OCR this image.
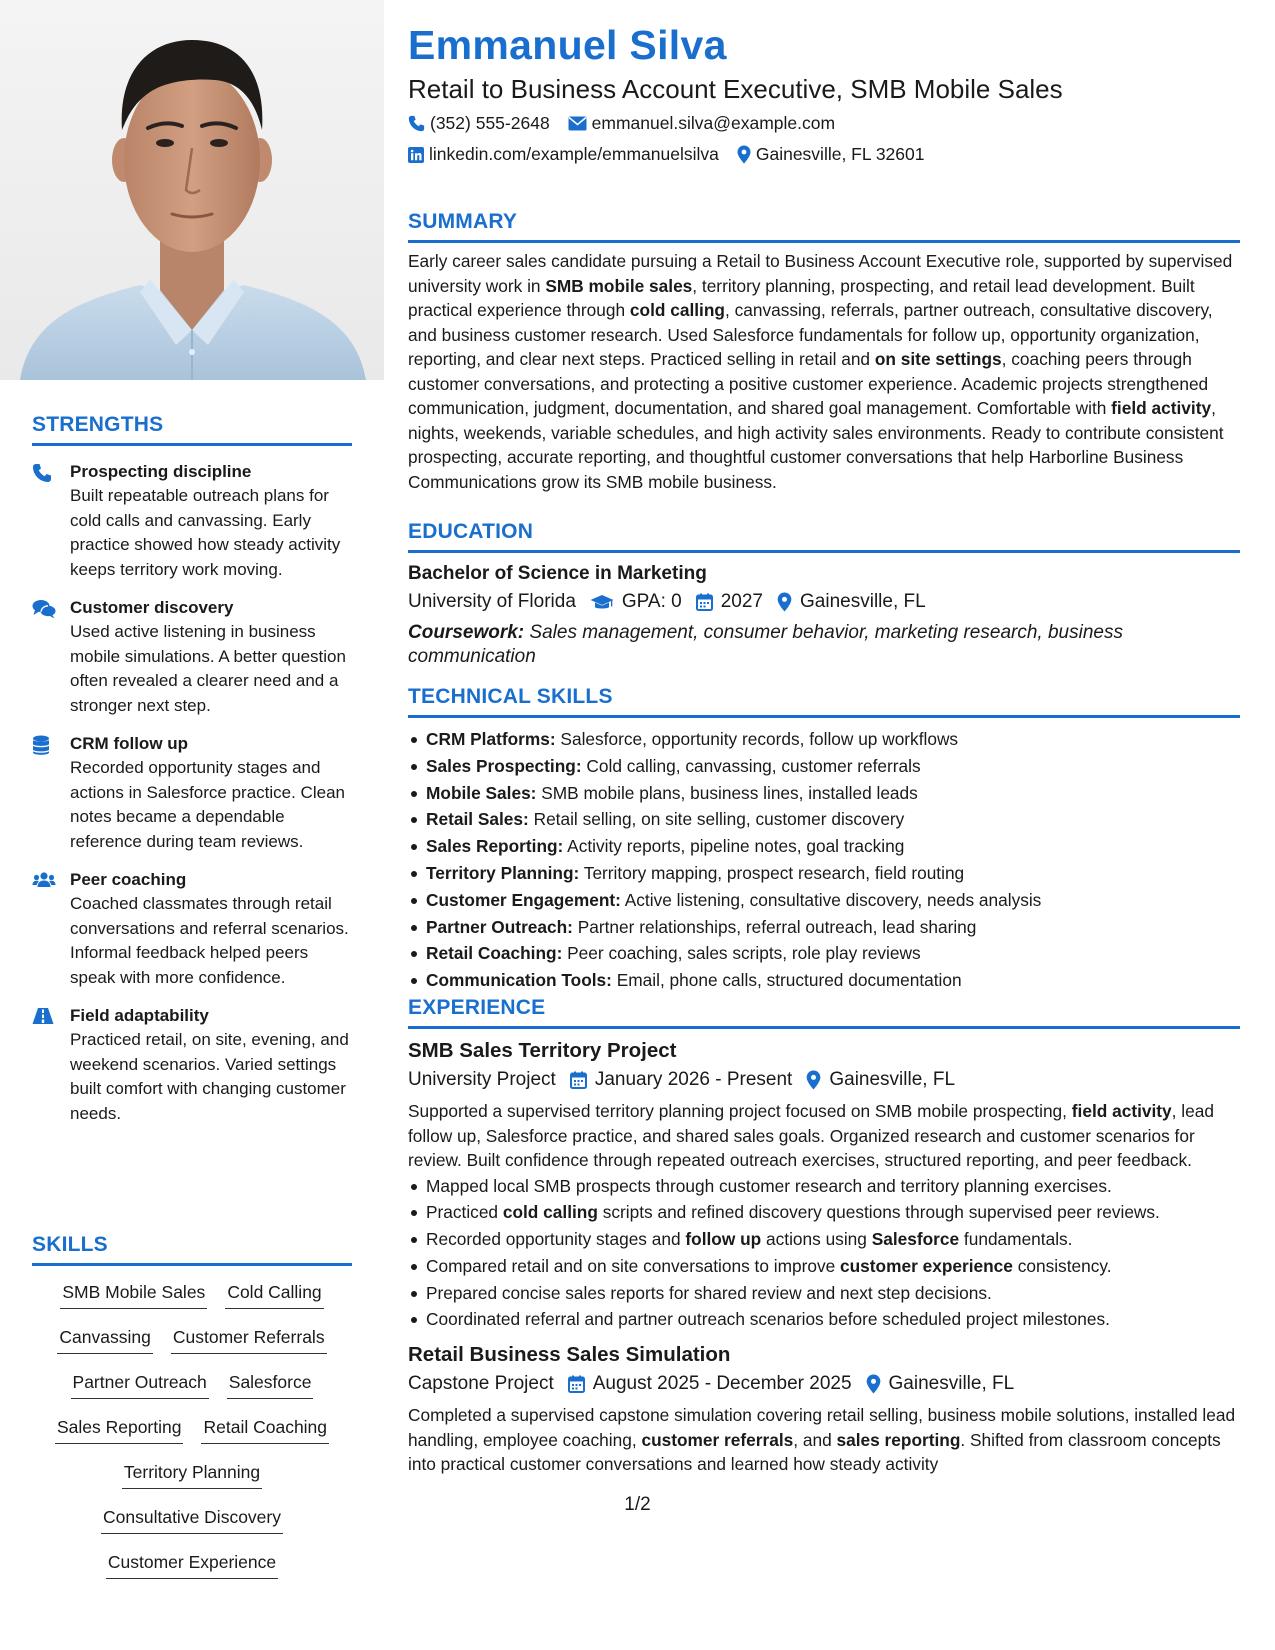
STRENGTHS
Prospecting discipline
Built repeatable outreach plans for cold calls and canvassing. Early practice showed how steady activity keeps territory work moving.
Customer discovery
Used active listening in business mobile simulations. A better question often revealed a clearer need and a stronger next step.
CRM follow up
Recorded opportunity stages and actions in Salesforce practice. Clean notes became a dependable reference during team reviews.
Peer coaching
Coached classmates through retail conversations and referral scenarios. Informal feedback helped peers speak with more confidence.
Field adaptability
Practiced retail, on site, evening, and weekend scenarios. Varied settings built comfort with changing customer needs.
SKILLS
SMB Mobile Sales Cold Calling
Canvassing Customer Referrals
Partner Outreach Salesforce
Sales Reporting Retail Coaching
Territory Planning
Consultative Discovery
Customer Experience
Emmanuel Silva
Retail to Business Account Executive, SMB Mobile Sales
(352) 555-2648 emmanuel.silva@example.com
linkedin.com/example/emmanuelsilva Gainesville, FL 32601
SUMMARY

Early career sales candidate pursuing a Retail to Business Account Executive role, supported by supervised university work in SMB mobile sales, territory planning, prospecting, and retail lead development. Built practical experience through cold calling, canvassing, referrals, partner outreach, consultative discovery, and business customer research. Used Salesforce fundamentals for follow up, opportunity organization, reporting, and clear next steps. Practiced selling in retail and on site settings, coaching peers through customer conversations, and protecting a positive customer experience. Academic projects strengthened communication, judgment, documentation, and shared goal management. Comfortable with field activity, nights, weekends, variable schedules, and high activity sales environments. Ready to contribute consistent prospecting, accurate reporting, and thoughtful customer conversations that help Harborline Business Communications grow its SMB mobile business.

EDUCATION
Bachelor of Science in Marketing
University of Florida GPA: 0 2027 Gainesville, FL
Coursework: Sales management, consumer behavior, marketing research, business communication
TECHNICAL SKILLS
CRM Platforms: Salesforce, opportunity records, follow up workflows
Sales Prospecting: Cold calling, canvassing, customer referrals
Mobile Sales: SMB mobile plans, business lines, installed leads
Retail Sales: Retail selling, on site selling, customer discovery
Sales Reporting: Activity reports, pipeline notes, goal tracking
Territory Planning: Territory mapping, prospect research, field routing
Customer Engagement: Active listening, consultative discovery, needs analysis
Partner Outreach: Partner relationships, referral outreach, lead sharing
Retail Coaching: Peer coaching, sales scripts, role play reviews
Communication Tools: Email, phone calls, structured documentation
EXPERIENCE
SMB Sales Territory Project
University Project January 2026 - Present Gainesville, FL

Supported a supervised territory planning project focused on SMB mobile prospecting, field activity, lead follow up, Salesforce practice, and shared sales goals. Organized research and customer scenarios for review. Built confidence through repeated outreach exercises, structured reporting, and peer feedback.

Mapped local SMB prospects through customer research and territory planning exercises.
Practiced cold calling scripts and refined discovery questions through supervised peer reviews.
Recorded opportunity stages and follow up actions using Salesforce fundamentals.
Compared retail and on site conversations to improve customer experience consistency.
Prepared concise sales reports for shared review and next step decisions.
Coordinated referral and partner outreach scenarios before scheduled project milestones.
Retail Business Sales Simulation
Capstone Project August 2025 - December 2025 Gainesville, FL

Completed a supervised capstone simulation covering retail selling, business mobile solutions, installed lead handling, employee coaching, customer referrals, and sales reporting. Shifted from classroom concepts into practical customer conversations and learned how steady activity

1/2
